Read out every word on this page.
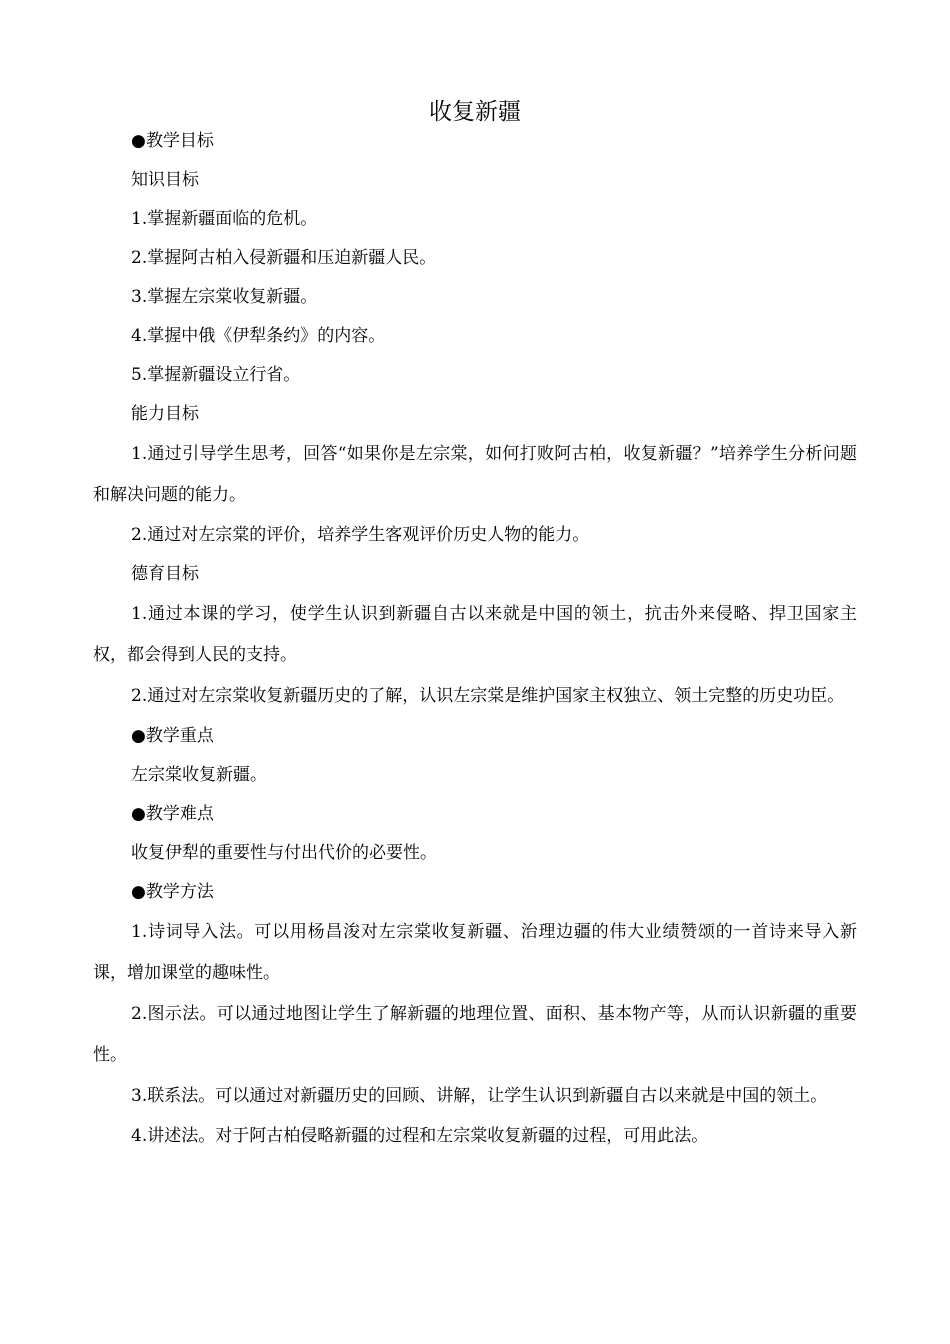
收复新疆

●教学目标

知识目标

1.掌握新疆面临的危机。

2.掌握阿古柏入侵新疆和压迫新疆人民。

3.掌握左宗棠收复新疆。

4.掌握中俄《伊犁条约》的内容。

5.掌握新疆设立行省。

能力目标

1.通过引导学生思考，回答“如果你是左宗棠，如何打败阿古柏，收复新疆？”培养学生分析问题和解决问题的能力。

2.通过对左宗棠的评价，培养学生客观评价历史人物的能力。

德育目标

1.通过本课的学习，使学生认识到新疆自古以来就是中国的领土，抗击外来侵略、捍卫国家主权，都会得到人民的支持。

2.通过对左宗棠收复新疆历史的了解，认识左宗棠是维护国家主权独立、领土完整的历史功臣。

●教学重点

左宗棠收复新疆。

●教学难点

收复伊犁的重要性与付出代价的必要性。

●教学方法

1.诗词导入法。可以用杨昌浚对左宗棠收复新疆、治理边疆的伟大业绩赞颂的一首诗来导入新课，增加课堂的趣味性。

2.图示法。可以通过地图让学生了解新疆的地理位置、面积、基本物产等，从而认识新疆的重要性。

3.联系法。可以通过对新疆历史的回顾、讲解，让学生认识到新疆自古以来就是中国的领土。

4.讲述法。对于阿古柏侵略新疆的过程和左宗棠收复新疆的过程，可用此法。
